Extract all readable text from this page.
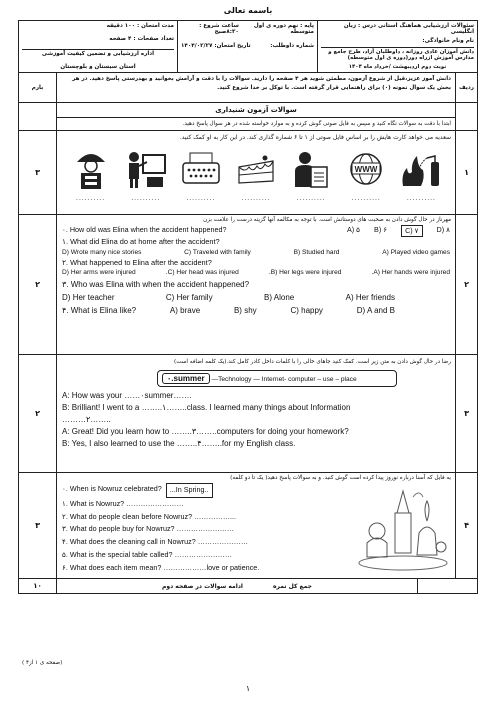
باسمه تعالی
سئوالات ارزشیابی هماهنگ استانی درس : زبان انگلیسی
نام ونام خانوادگی:
دانش آموزان عادی روزانه ، داوطلبان آزاد، طرح جامع و مدارس آموزش ازراه دور(دوره ی اول متوسطه)
نوبت دوم اردیبهشت /خرداد ماه ۱۴۰۴
پایه : نهم دوره ی اول متوسطه
ساعت شروع : ۸:۳۰صبح
شماره داوطلب:
تاریخ امتحان: ۱۴۰۴/۰۲/۲۷
مدت امتحان : ۱۰۰ دقیقه
تعداد صفحات : ۴ صفحه
اداره ارزشیابی و تضمین کیفیت آموزشی
استان سیستان و بلوچستان
ردیف
دانش آموز عزیز،قبل از شروع آزمون، مطمئن شوید هر ۴ صفحه را دارید. سوالات را با دقت و آرامش بخوانید و بهدرستی پاسخ دهید. در هر بخش یک سوال نمونه (۰) برای راهنمایی قرار گرفته است. با توکل بر خدا شروع کنید.
بارم
سوالات آزمون شنیداری
ابتدا با دقت به سوالات نگاه کنید و سپس به فایل صوتی گوش کرده و به موارد خواسته شده در هر سوال پاسخ دهید.
۱
سعدیه می خواهد کارت هایش را بر اساس فایل صوتی از ۱ تا ۶ شماره گذاری کند. در این کار به او کمک کنید.
WWW
..........
..........
..........
..........
..........
..........
..........
۳
۲
مهرناز در حال گوش دادن به صحبت های دوستانش است. با توجه به مکالمه آنها گزینه درست را علامت بزن
۰. How old was Elina when the accident happened?	A) ۵ B) ۶	C) ۷	D) ۸
۱. What did Elina do at home after the accident?
A) Played video games
B) Studied hard
C) Traveled with family
D) Wrote many nice stories
۲. What happened to Elina after the accident?
A) Her hands were injured.
B) Her legs were injured.
C) Her head was injured.
D) Her arms were injured
۳. Who was Elina with when the accident happened?
A) Her friends
B) Alone
C) Her family
D) Her teacher
۴. What is Elina like?	A) brave	B) shy	C) happy	D) A and B
۲
۳
رضا در حال گوش دادن به متن زیر است. کمک کنید جاهای خالی را با کلمات داخل کادر کامل کند.(یک کلمه اضافه است)
۰.summer —Technology — Internet- computer – use – place
A: How was your ……۰summer…….
B: Brilliant! I went to a ……..۱……..class. I learned many things about Information
………۲……..
A: Great! Did you learn how to ……..۳……..computers for doing your homework?
B: Yes, I also learned to use the ……..۴……..for my English class.
۲
۴
یه فایل که آسنا درباره نوروز پیدا کرده است گوش کنید. و به سوالات پاسخ دهید( یک تا دو کلمه)
۰. When is Nowruz celebrated?	...In Spring..
۱. What is Nowruz? ……………………
۲. What do people clean before Nowruz? ……………...
۳. What do people buy for Nowruz? ……………………
۴. What does the cleaning call in Nowruz? …………………
۵. What is the special table called? ……………………
۶. What does each item mean? ………………love or patience.
۳
جمع کل نمره
ادامه سوالات در صفحه دوم
۱۰
(صفحه ی ۱ از۴ )
۱
